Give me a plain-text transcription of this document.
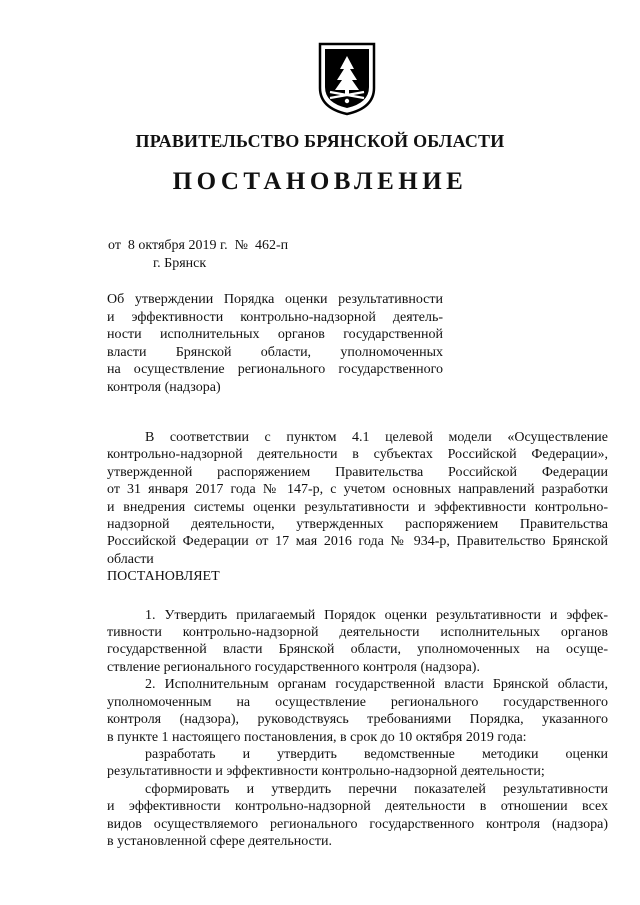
ПРАВИТЕЛЬСТВО БРЯНСКОЙ ОБЛАСТИ
ПОСТАНОВЛЕНИЕ
от  8 октября 2019 г.  №  462-п
г. Брянск
Об утверждении Порядка оценки результативности
и эффективности контрольно-надзорной деятель-
ности исполнительных органов государственной
власти Брянской области, уполномоченных
на осуществление регионального государственного
контроля (надзора)
В соответствии с пунктом 4.1 целевой модели «Осуществление
контрольно-надзорной деятельности в субъектах Российской Федерации»,
утвержденной распоряжением Правительства Российской Федерации
от 31 января 2017 года № 147-р, с учетом основных направлений разработки
и внедрения системы оценки результативности и эффективности контрольно-
надзорной деятельности, утвержденных распоряжением Правительства
Российской Федерации от 17 мая 2016 года № 934-р, Правительство Брянской
области
ПОСТАНОВЛЯЕТ
1. Утвердить прилагаемый Порядок оценки результативности и эффек-
тивности контрольно-надзорной деятельности исполнительных органов
государственной власти Брянской области, уполномоченных на осуще-
ствление регионального государственного контроля (надзора).
2. Исполнительным органам государственной власти Брянской области,
уполномоченным на осуществление регионального государственного
контроля (надзора), руководствуясь требованиями Порядка, указанного
в пункте 1 настоящего постановления, в срок до 10 октября 2019 года:
разработать и утвердить ведомственные методики оценки
результативности и эффективности контрольно-надзорной деятельности;
сформировать и утвердить перечни показателей результативности
и эффективности контрольно-надзорной деятельности в отношении всех
видов осуществляемого регионального государственного контроля (надзора)
в установленной сфере деятельности.
